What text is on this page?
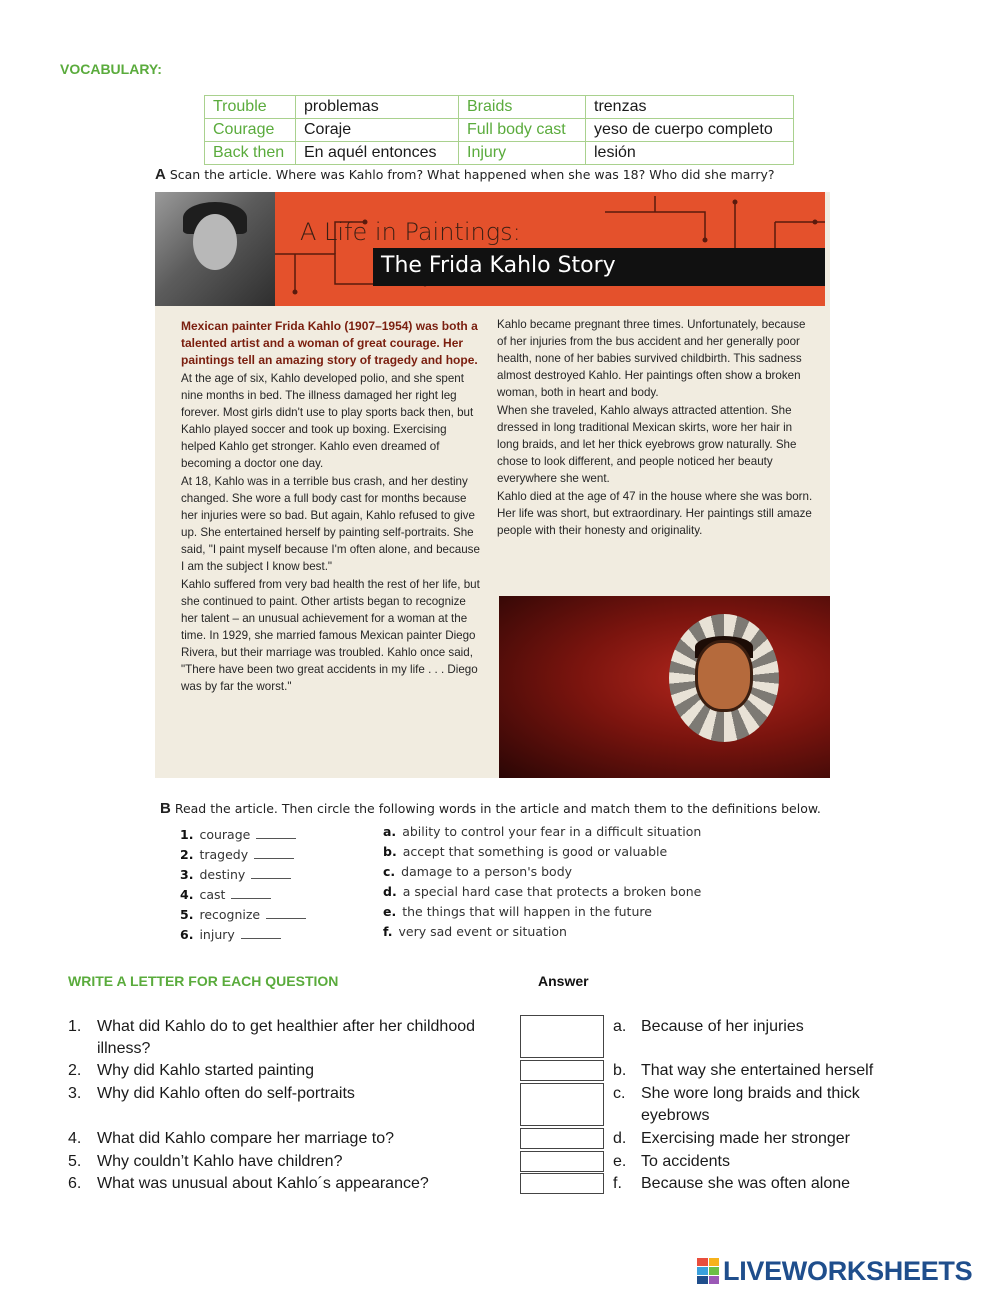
VOCABULARY:
Trouble	problemas	Braids	trenzas
Courage	Coraje	Full body cast	yeso de cuerpo completo
Back then	En aquél entonces	Injury	lesión
A Scan the article. Where was Kahlo from? What happened when she was 18? Who did she marry?
A Life in Paintings:
The Frida Kahlo Story

Mexican painter Frida Kahlo (1907–1954) was both a talented artist and a woman of great courage. Her paintings tell an amazing story of tragedy and hope.

At the age of six, Kahlo developed polio, and she spent nine months in bed. The illness damaged her right leg forever. Most girls didn't use to play sports back then, but Kahlo played soccer and took up boxing. Exercising helped Kahlo get stronger. Kahlo even dreamed of becoming a doctor one day.

At 18, Kahlo was in a terrible bus crash, and her destiny changed. She wore a full body cast for months because her injuries were so bad. But again, Kahlo refused to give up. She entertained herself by painting self-portraits. She said, "I paint myself because I'm often alone, and because I am the subject I know best."

Kahlo suffered from very bad health the rest of her life, but she continued to paint. Other artists began to recognize her talent – an unusual achievement for a woman at the time. In 1929, she married famous Mexican painter Diego Rivera, but their marriage was troubled. Kahlo once said, "There have been two great accidents in my life . . . Diego was by far the worst."

Kahlo became pregnant three times. Unfortunately, because of her injuries from the bus accident and her generally poor health, none of her babies survived childbirth. This sadness almost destroyed Kahlo. Her paintings often show a broken woman, both in heart and body.

When she traveled, Kahlo always attracted attention. She dressed in long traditional Mexican skirts, wore her hair in long braids, and let her thick eyebrows grow naturally. She chose to look different, and people noticed her beauty everywhere she went.

Kahlo died at the age of 47 in the house where she was born. Her life was short, but extraordinary. Her paintings still amaze people with their honesty and originality.

B Read the article. Then circle the following words in the article and match them to the definitions below.
1. courage
2. tragedy
3. destiny
4. cast
5. recognize
6. injury
a. ability to control your fear in a difficult situation
b. accept that something is good or valuable
c. damage to a person's body
d. a special hard case that protects a broken bone
e. the things that will happen in the future
f. very sad event or situation
WRITE A LETTER FOR EACH QUESTION	Answer
1. What did Kahlo do to get healthier after her childhood illness?
2. Why did Kahlo started painting
3. Why did Kahlo often do self-portraits
4. What did Kahlo compare her marriage to?
5. Why couldn’t Kahlo have children?
6. What was unusual about Kahlo´s appearance?
a. Because of her injuries
b. That way she entertained herself
c. She wore long braids and thick eyebrows
d. Exercising made her stronger
e. To accidents
f. Because she was often alone
LIVEWORKSHEETS
